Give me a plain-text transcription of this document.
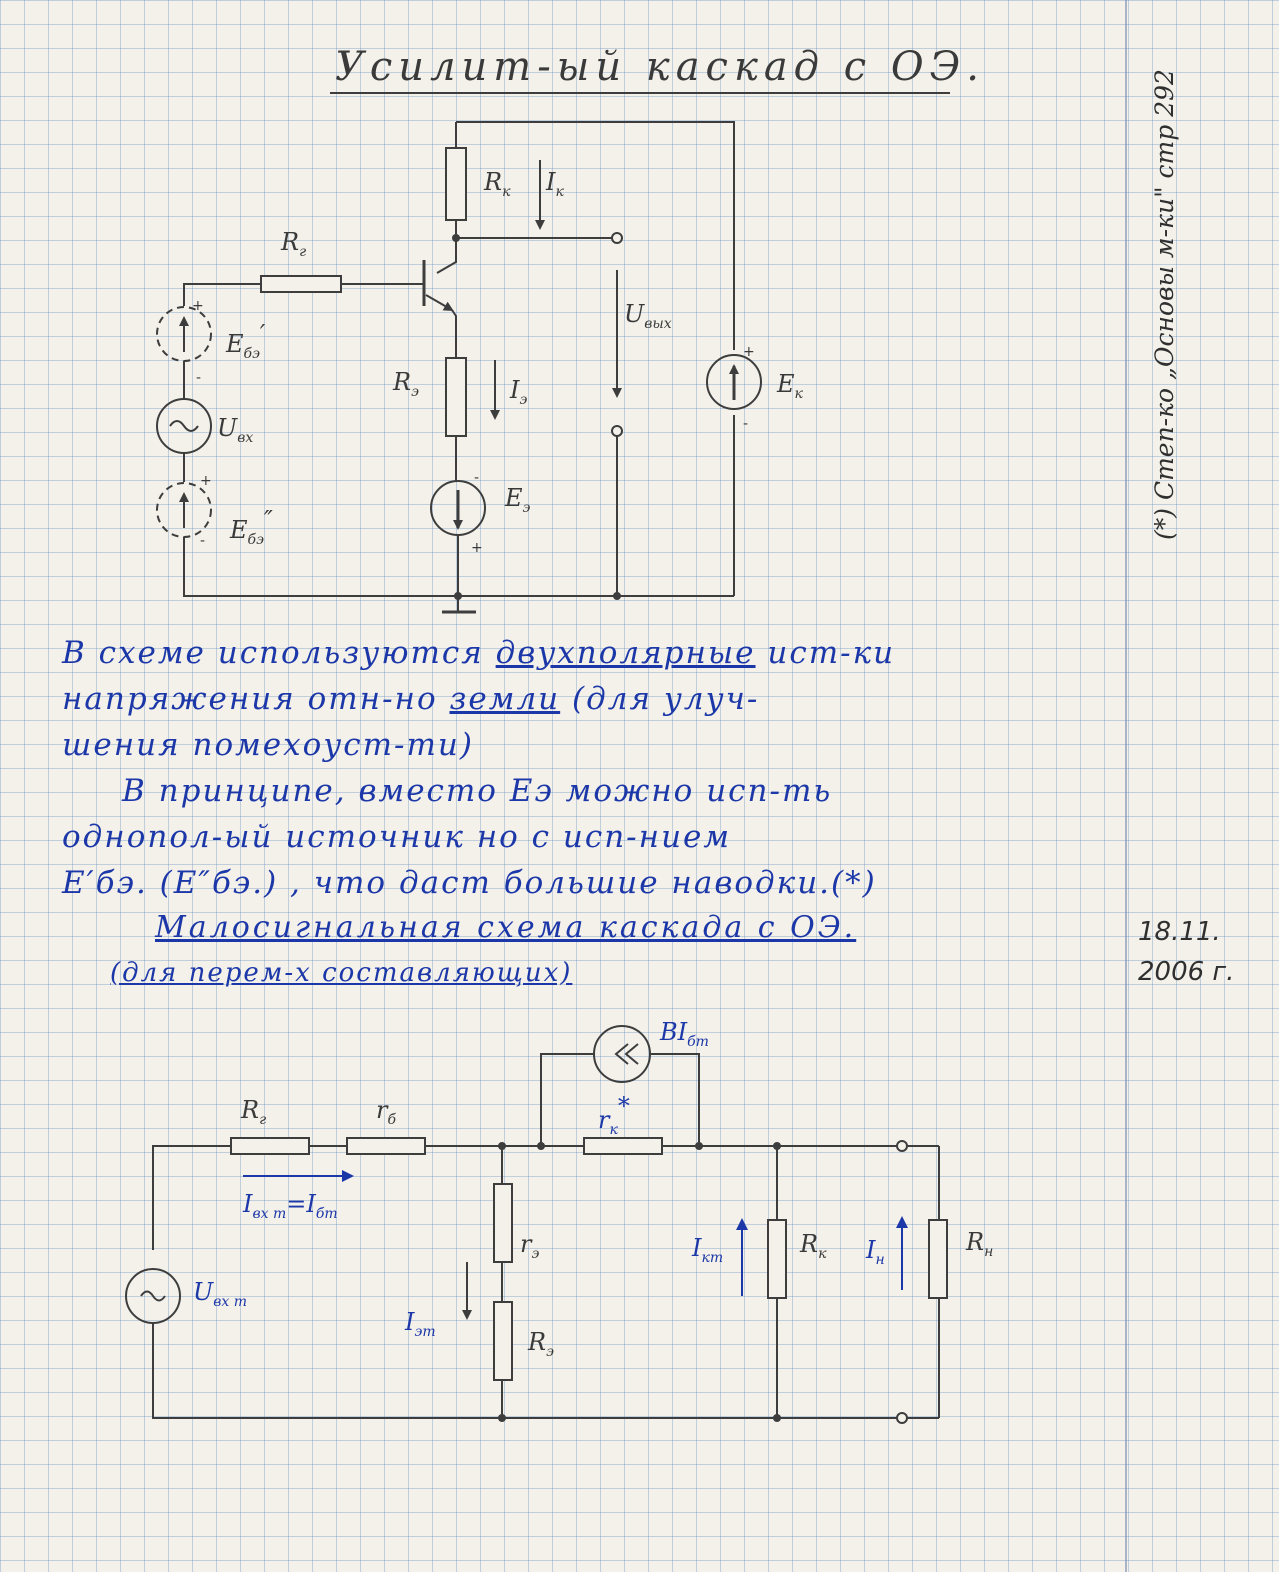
Усилит-ый каскад с ОЭ.
(*) Степ-ко „Основы м-ки" стр 292
18.11.
2006 г.
В схеме используются двухполярные ист-ки
напряжения отн-но земли (для улуч-
шения помехоуст-ти)
В принципе, вместо Eэ можно исп-ть
однопол-ый источник но с исп-нием
E′бэ. (E″бэ.) , что даст большие наводки.(*)
Малосигнальная схема каскада с ОЭ.
(для перем-х составляющих)
$R_г$
$R_к$ $I_к$
$R_э$	$I_э$
$U_{вых}$
$U_{вх}$
$E_{бэ}'$
$E_{бэ}''$
$E_э$
$E_к$
+
-
+
-
-
+
+
-
$R_г$	$r_б$	$r_к*$
$BI_{бm}$
$I_{вх m}=I_{бm}$
$r_э$
$R_э$
$I_{эm}$
$I_{кm}$	$R_к$ $I_н$
$R_н$
$U_{вх m}$
